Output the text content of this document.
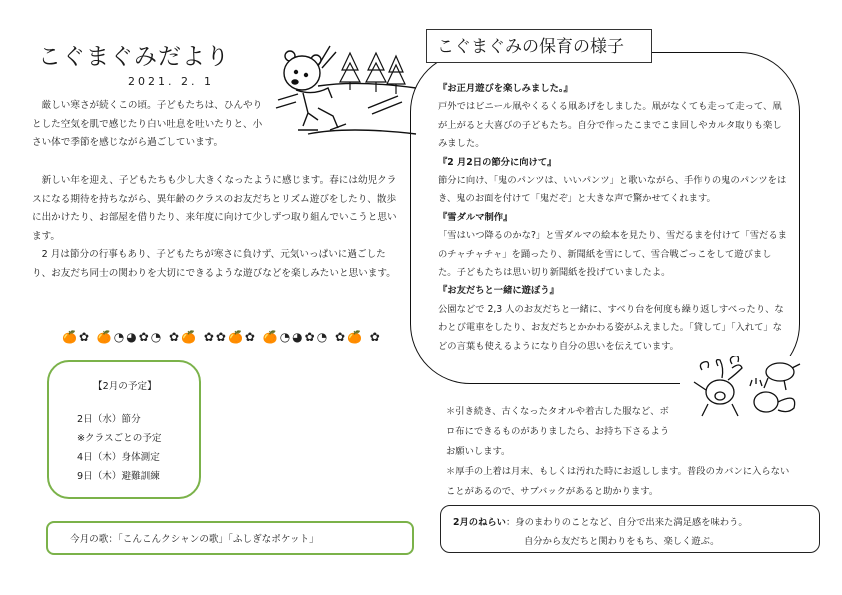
こぐまぐみだより
2021. 2. 1

厳しい寒さが続くこの頃。子どもたちは、ひんやりとした空気を肌で感じたり白い吐息を吐いたりと、小さい体で季節を感じながら過ごしています。

新しい年を迎え、子どもたちも少し大きくなったように感じます。春には幼児クラスになる期待を持ちながら、異年齢のクラスのお友だちとリズム遊びをしたり、散歩に出かけたり、お部屋を借りたり、来年度に向けて少しずつ取り組んでいこうと思います。

2 月は節分の行事もあり、子どもたちが寒さに負けず、元気いっぱいに過ごしたり、お友だち同士の関わりを大切にできるような遊びなどを楽しみたいと思います。

🍊✿ 🍊◔◕✿◔ ✿🍊 ✿✿🍊✿ 🍊◔◕✿◔ ✿🍊 ✿
【2月の予定】
2日（水）節分
※クラスごとの予定
4日（木）身体測定
9日（木）避難訓練
今月の歌：「こんこんクシャンの歌」「ふしぎなポケット」
こぐまぐみの保育の様子

『お正月遊びを楽しみました。』

戸外ではビニール凧やくるくる凧あげをしました。凧がなくても走って走って、凧が上がると大喜びの子どもたち。自分で作ったこまでこま回しやカルタ取りも楽しみました。

『2 月2日の節分に向けて』

節分に向け、「鬼のパンツは、いいパンツ」と歌いながら、手作りの鬼のパンツをはき、鬼のお面を付けて「鬼だぞ」と大きな声で驚かせてくれます。

『雪ダルマ制作』

「雪はいつ降るのかな?」と雪ダルマの絵本を見たり、雪だるまを付けて「雪だるまのチャチャチャ」を踊ったり、新聞紙を雪にして、雪合戦ごっこをして遊びました。子どもたちは思い切り新聞紙を投げていましたよ。

『お友だちと一緒に遊ぼう』

公園などで 2,3 人のお友だちと一緒に、すべり台を何度も繰り返しすべったり、なわとび電車をしたり、お友だちとかかわる姿がふえました。「貸して」「入れて」などの言葉も使えるようになり自分の思いを伝えています。

＊引き続き、古くなったタオルや着古した服など、ボロ布にできるものがありましたら、お持ち下さるようお願いします。

＊厚手の上着は月末、もしくは汚れた時にお返しします。普段のカバンに入らないことがあるので、サブバックがあると助かります。

2月のねらい：身のまわりのことなど、自分で出来た満足感を味わう。
自分から友だちと関わりをもち、楽しく遊ぶ。
